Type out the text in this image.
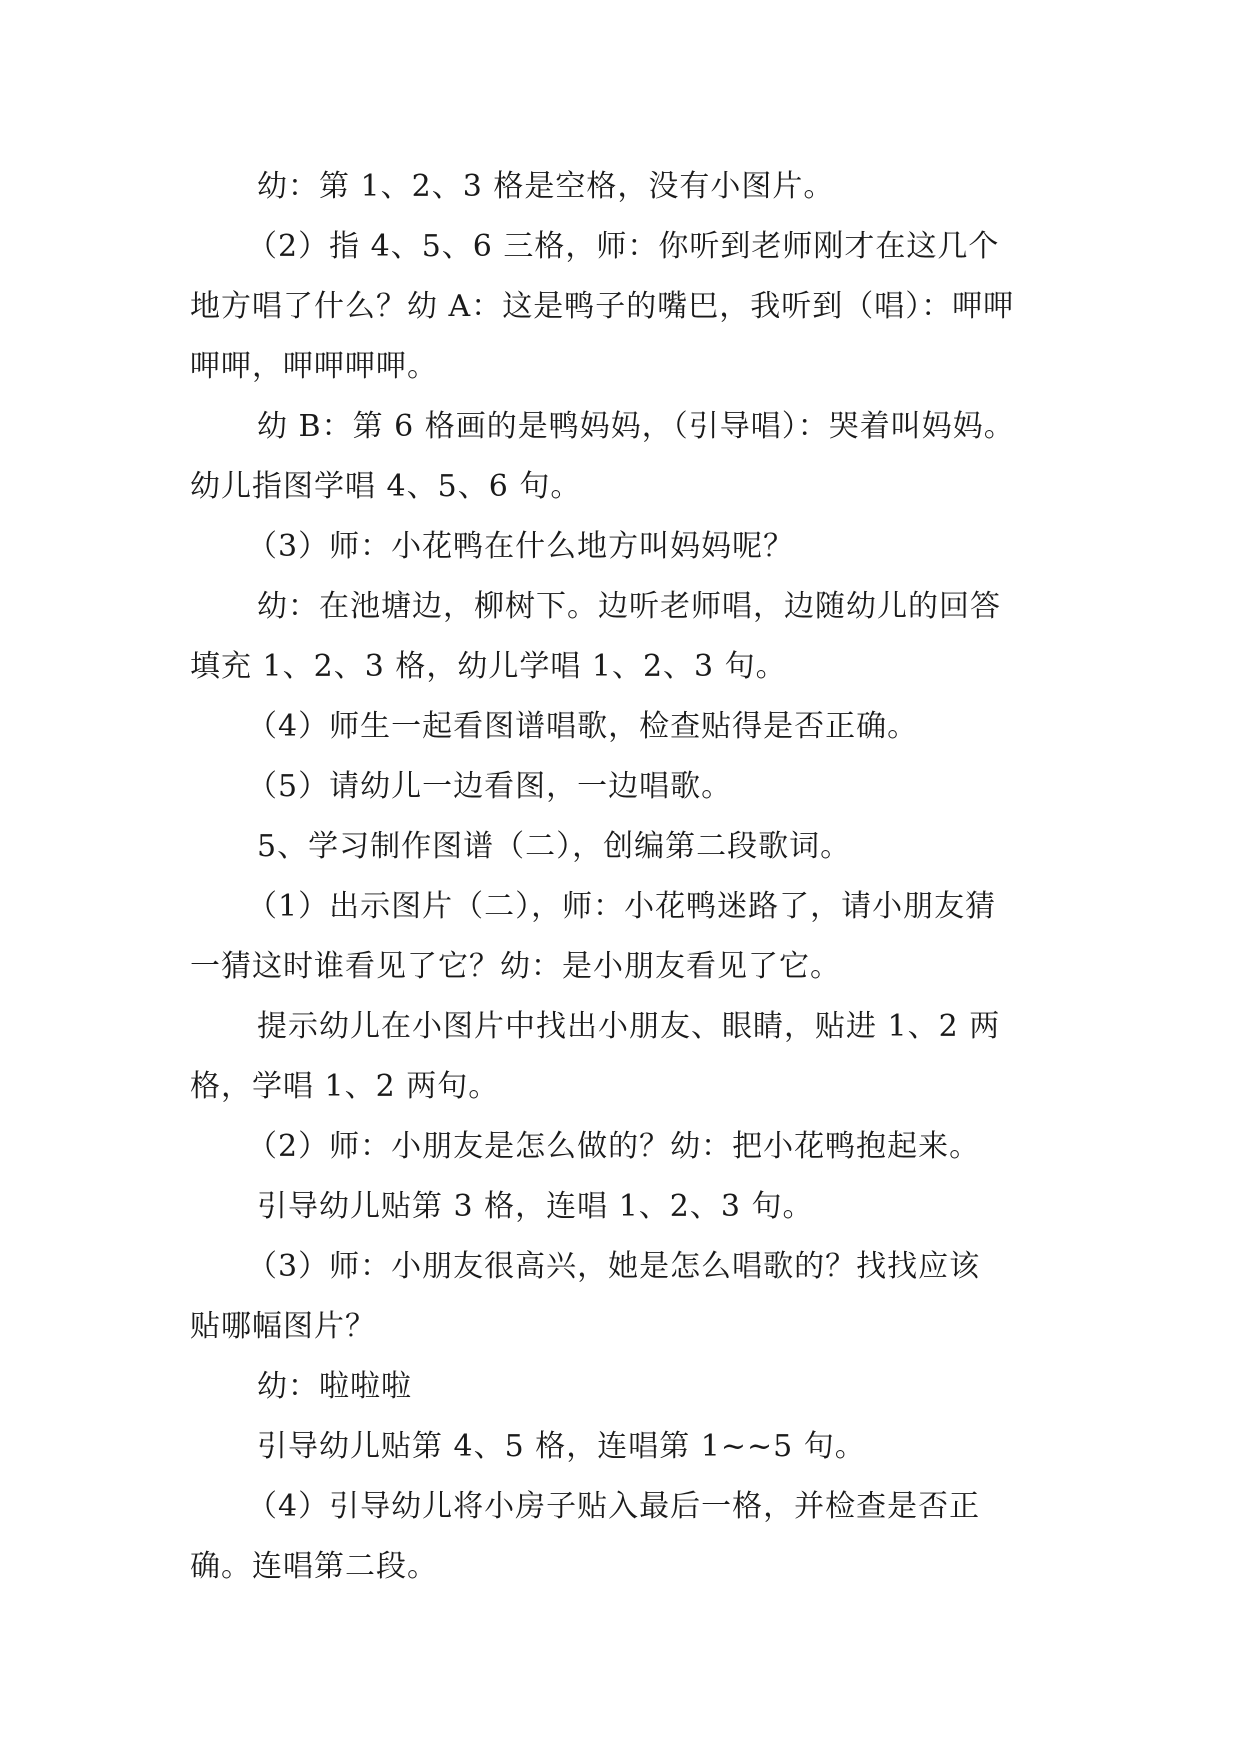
幼：第 1、2、3 格是空格，没有小图片。
（2）指 4、5、6 三格，师：你听到老师刚才在这几个
地方唱了什么？幼 A：这是鸭子的嘴巴，我听到（唱）：呷呷
呷呷，呷呷呷呷。
幼 B：第 6 格画的是鸭妈妈，（引导唱）：哭着叫妈妈。
幼儿指图学唱 4、5、6 句。
（3）师：小花鸭在什么地方叫妈妈呢？
幼：在池塘边，柳树下。边听老师唱，边随幼儿的回答
填充 1、2、3 格，幼儿学唱 1、2、3 句。
（4）师生一起看图谱唱歌，检查贴得是否正确。
（5）请幼儿一边看图，一边唱歌。
5、学习制作图谱（二），创编第二段歌词。
（1）出示图片（二），师：小花鸭迷路了，请小朋友猜
一猜这时谁看见了它？幼：是小朋友看见了它。
提示幼儿在小图片中找出小朋友、眼睛，贴进 1、2 两
格，学唱 1、2 两句。
（2）师：小朋友是怎么做的？幼：把小花鸭抱起来。
引导幼儿贴第 3 格，连唱 1、2、3 句。
（3）师：小朋友很高兴，她是怎么唱歌的？找找应该
贴哪幅图片？
幼：啦啦啦
引导幼儿贴第 4、5 格，连唱第 1~~5 句。
（4）引导幼儿将小房子贴入最后一格，并检查是否正
确。连唱第二段。
